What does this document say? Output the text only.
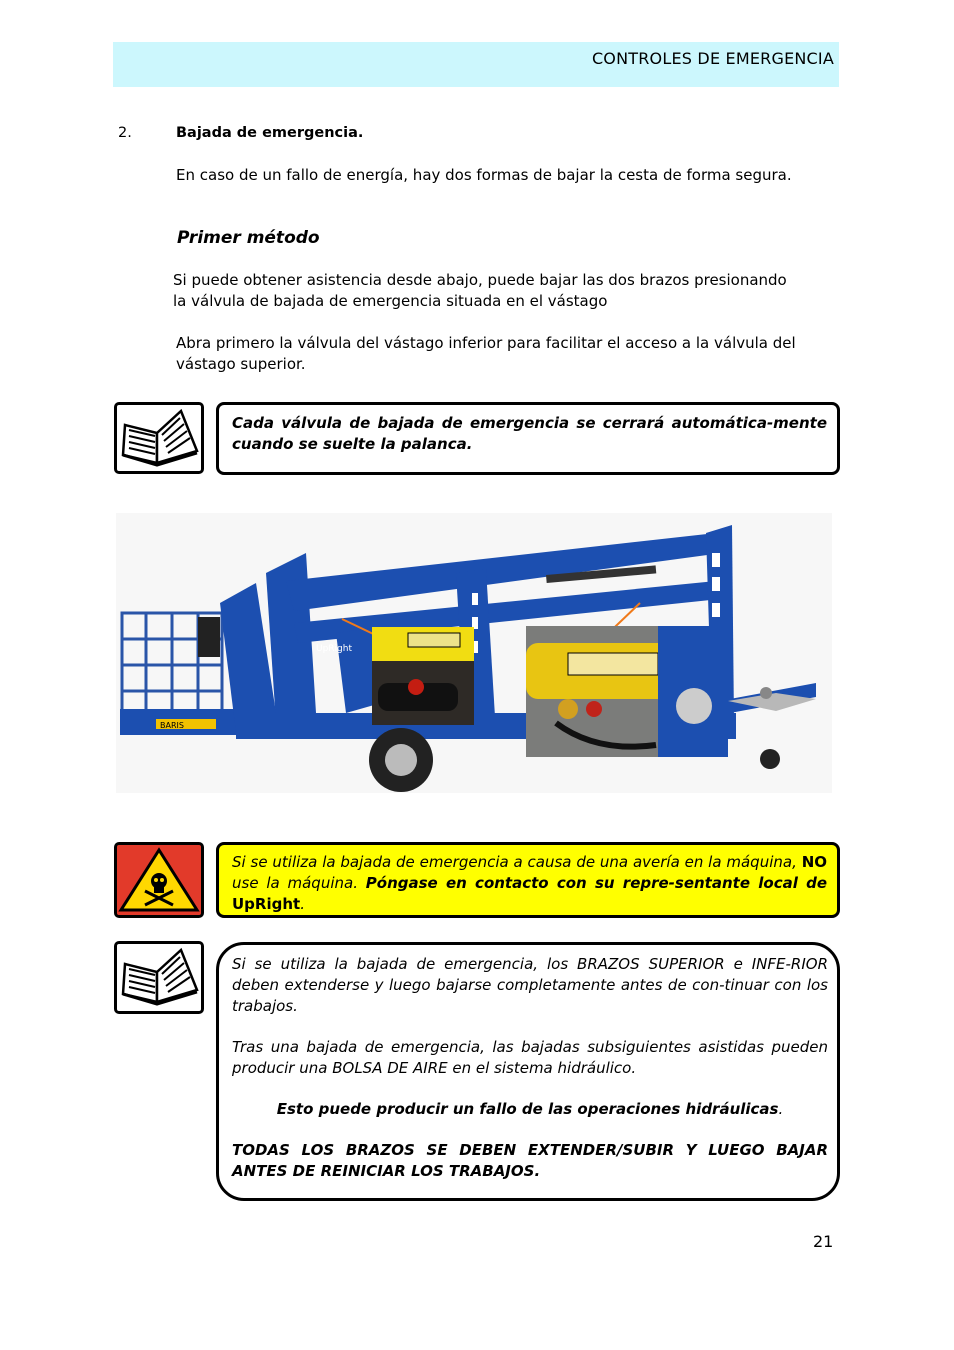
CONTROLES DE EMERGENCIA
2.	Bajada de emergencia.
En caso de un fallo de energía, hay dos formas de bajar la cesta de forma segura.
Primer método
Si puede obtener asistencia desde abajo, puede bajar las dos brazos presionando la válvula de bajada de emergencia situada en el vástago
Abra primero la válvula del vástago inferior para facilitar el acceso a la válvula del vástago superior.
Cada válvula de bajada de emergencia se cerrará automática-mente cuando se suelte la palanca.
BARIS
UpRight
Si se utiliza la bajada de emergencia a causa de una avería en la máquina, NO use la máquina. Póngase en contacto con su repre-sentante local de UpRight.

Si se utiliza la bajada de emergencia, los BRAZOS SUPERIOR e INFE-RIOR deben extenderse y luego bajarse completamente antes de con-tinuar con los trabajos.

Tras una bajada de emergencia, las bajadas subsiguientes asistidas pueden producir una BOLSA DE AIRE en el sistema hidráulico.

Esto puede producir un fallo de las operaciones hidráulicas.

TODAS LOS BRAZOS SE DEBEN EXTENDER/SUBIR Y LUEGO BAJAR ANTES DE REINICIAR LOS TRABAJOS.

21
